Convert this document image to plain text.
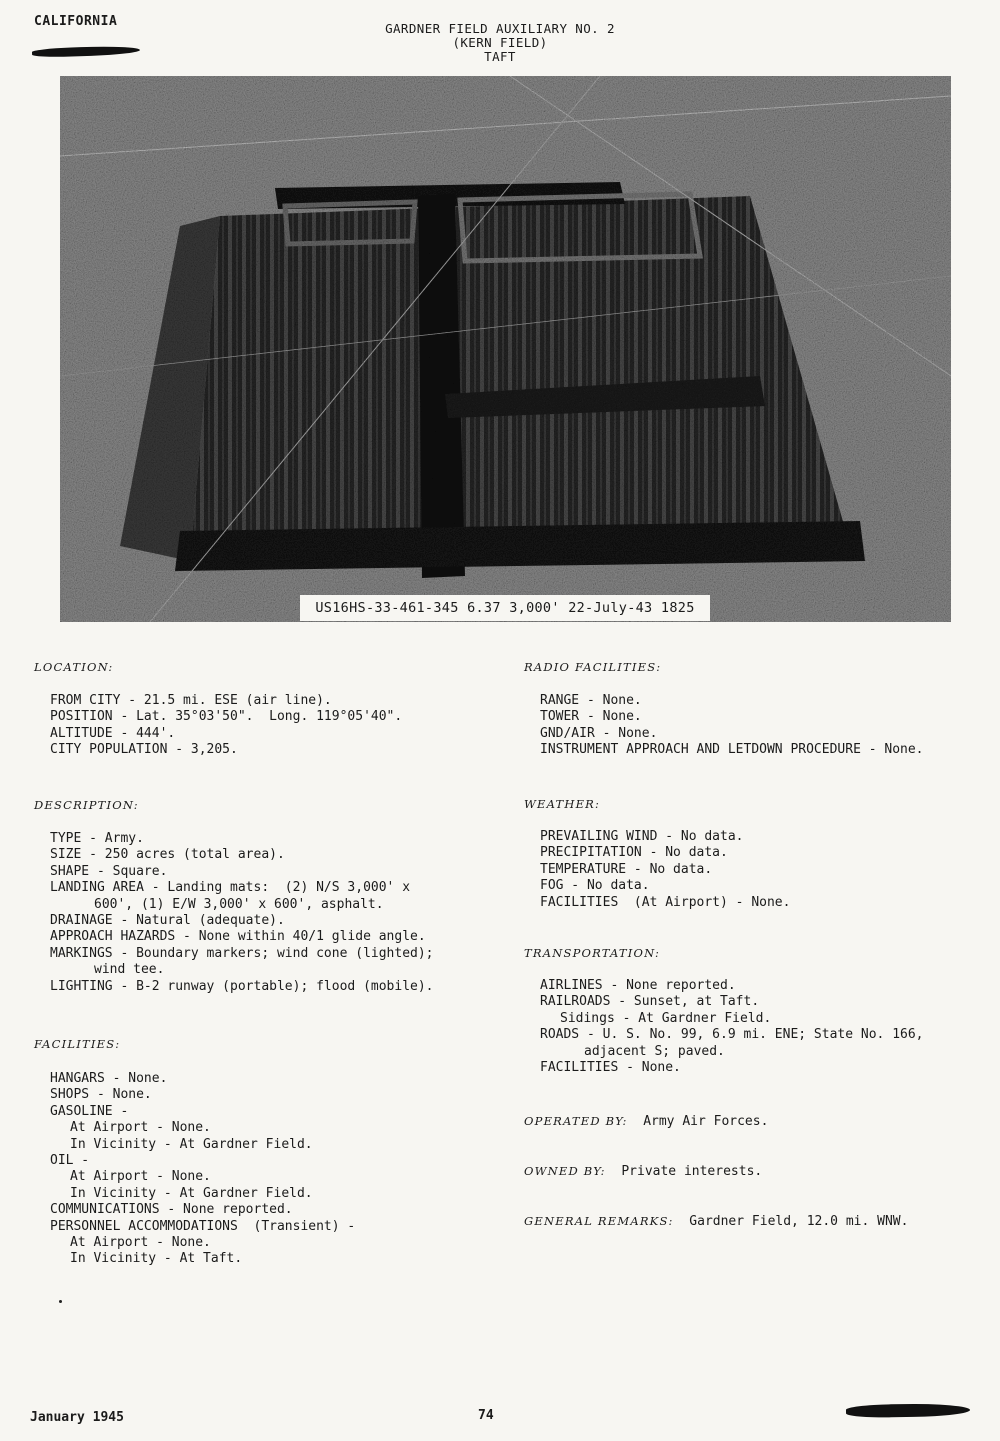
CALIFORNIA	GARDNER FIELD AUXILIARY NO. 2
(KERN FIELD)
TAFT
US16HS-33-461-345 6.37 3,000' 22-July-43 1825
LOCATION:
FROM CITY - 21.5 mi. ESE (air line).
POSITION - Lat. 35°03'50".  Long. 119°05'40".
ALTITUDE - 444'.
CITY POPULATION - 3,205.
DESCRIPTION:
TYPE - Army.
SIZE - 250 acres (total area).
SHAPE - Square.
LANDING AREA - Landing mats:  (2) N/S 3,000' x
600', (1) E/W 3,000' x 600', asphalt.
DRAINAGE - Natural (adequate).
APPROACH HAZARDS - None within 40/1 glide angle.
MARKINGS - Boundary markers; wind cone (lighted);
wind tee.
LIGHTING - B-2 runway (portable); flood (mobile).
FACILITIES:
HANGARS - None.
SHOPS - None.
GASOLINE -
At Airport - None.
In Vicinity - At Gardner Field.
OIL -
At Airport - None.
In Vicinity - At Gardner Field.
COMMUNICATIONS - None reported.
PERSONNEL ACCOMMODATIONS  (Transient) -
At Airport - None.
In Vicinity - At Taft.
RADIO FACILITIES:
RANGE - None.
TOWER - None.
GND/AIR - None.
INSTRUMENT APPROACH AND LETDOWN PROCEDURE - None.
WEATHER:
PREVAILING WIND - No data.
PRECIPITATION - No data.
TEMPERATURE - No data.
FOG - No data.
FACILITIES  (At Airport) - None.
TRANSPORTATION:
AIRLINES - None reported.
RAILROADS - Sunset, at Taft.
Sidings - At Gardner Field.
ROADS - U. S. No. 99, 6.9 mi. ENE; State No. 166,
adjacent S; paved.
FACILITIES - None.
OPERATED BY: Army Air Forces.
OWNED BY: Private interests.
GENERAL REMARKS: Gardner Field, 12.0 mi. WNW.
January 1945	74
